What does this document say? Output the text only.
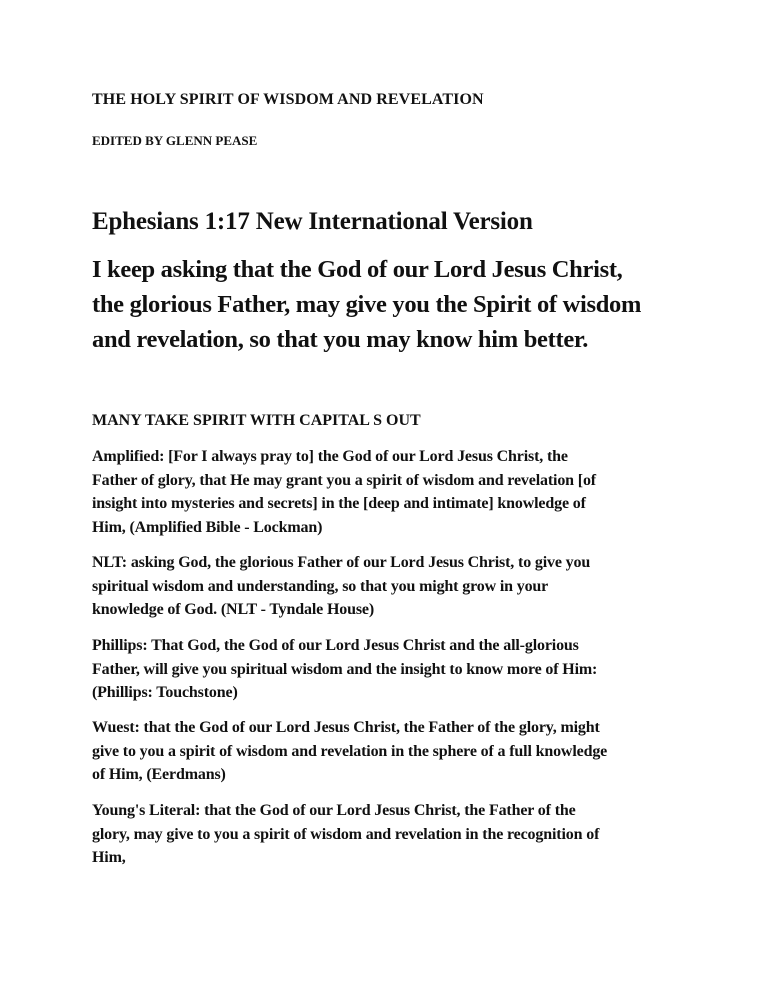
THE HOLY SPIRIT OF WISDOM AND REVELATION
EDITED BY GLENN PEASE
Ephesians 1:17 New International Version
I keep asking that the God of our Lord Jesus Christ,
the glorious Father, may give you the Spirit of wisdom
and revelation, so that you may know him better.
MANY TAKE SPIRIT WITH CAPITAL S OUT
Amplified: [For I always pray to] the God of our Lord Jesus Christ, the
Father of glory, that He may grant you a spirit of wisdom and revelation [of
insight into mysteries and secrets] in the [deep and intimate] knowledge of
Him, (Amplified Bible - Lockman)
NLT: asking God, the glorious Father of our Lord Jesus Christ, to give you
spiritual wisdom and understanding, so that you might grow in your
knowledge of God. (NLT - Tyndale House)
Phillips: That God, the God of our Lord Jesus Christ and the all-glorious
Father, will give you spiritual wisdom and the insight to know more of Him:
(Phillips: Touchstone)
Wuest: that the God of our Lord Jesus Christ, the Father of the glory, might
give to you a spirit of wisdom and revelation in the sphere of a full knowledge
of Him, (Eerdmans)
Young's Literal: that the God of our Lord Jesus Christ, the Father of the
glory, may give to you a spirit of wisdom and revelation in the recognition of
Him,
